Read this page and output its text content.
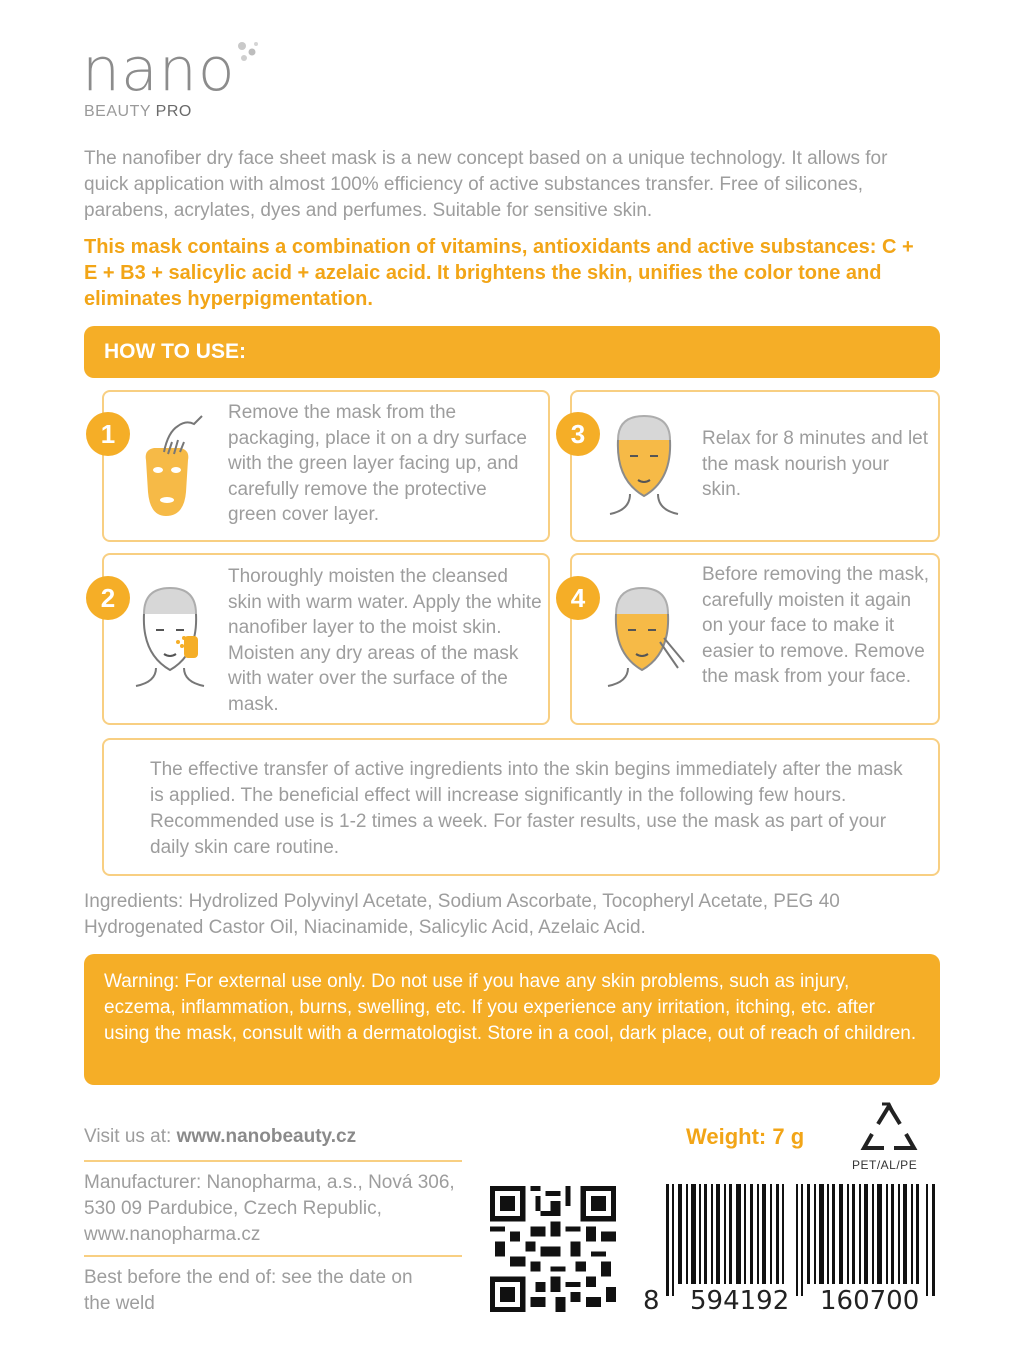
nano
BEAUTY PRO
The nanofiber dry face sheet mask is a new concept based on a unique technology. It allows for quick application with almost 100% efficiency of active substances transfer. Free of silicones, parabens, acrylates, dyes and perfumes. Suitable for sensitive skin.
This mask contains a combination of vitamins, antioxidants and active substances: C + E + B3 + salicylic acid + azelaic acid. It brightens the skin, unifies the color tone and eliminates hyperpigmentation.
HOW TO USE:
1
Remove the mask from the packaging, place it on a dry surface with the green layer facing up, and carefully remove the protective green cover layer.
3	Relax for 8 minutes and let the mask nourish your skin.
2
Thoroughly moisten the cleansed skin with warm water. Apply the white nanofiber layer to the moist skin. Moisten any dry areas of the mask with water over the surface of the mask.
4
Before removing the mask, carefully moisten it again on your face to make it easier to remove. Remove the mask from your face.
The effective transfer of active ingredients into the skin begins immediately after the mask is applied. The beneficial effect will increase significantly in the following few hours. Recommended use is 1-2 times a week. For faster results, use the mask as part of your daily skin care routine.
Ingredients: Hydrolized Polyvinyl Acetate, Sodium Ascorbate, Tocopheryl Acetate, PEG 40 Hydrogenated Castor Oil, Niacinamide, Salicylic Acid, Azelaic Acid.
Warning: For external use only. Do not use if you have any skin problems, such as injury, eczema, inflammation, burns, swelling, etc. If you experience any irritation, itching, etc. after using the mask, consult with a dermatologist. Store in a cool, dark place, out of reach of children.
Visit us at: www.nanobeauty.cz
Manufacturer: Nanopharma, a.s., Nová 306, 530 09 Pardubice, Czech Republic, www.nanopharma.cz
Best before the end of: see the date on the weld
Weight: 7 g
PET/AL/PE
8 594192 160700
